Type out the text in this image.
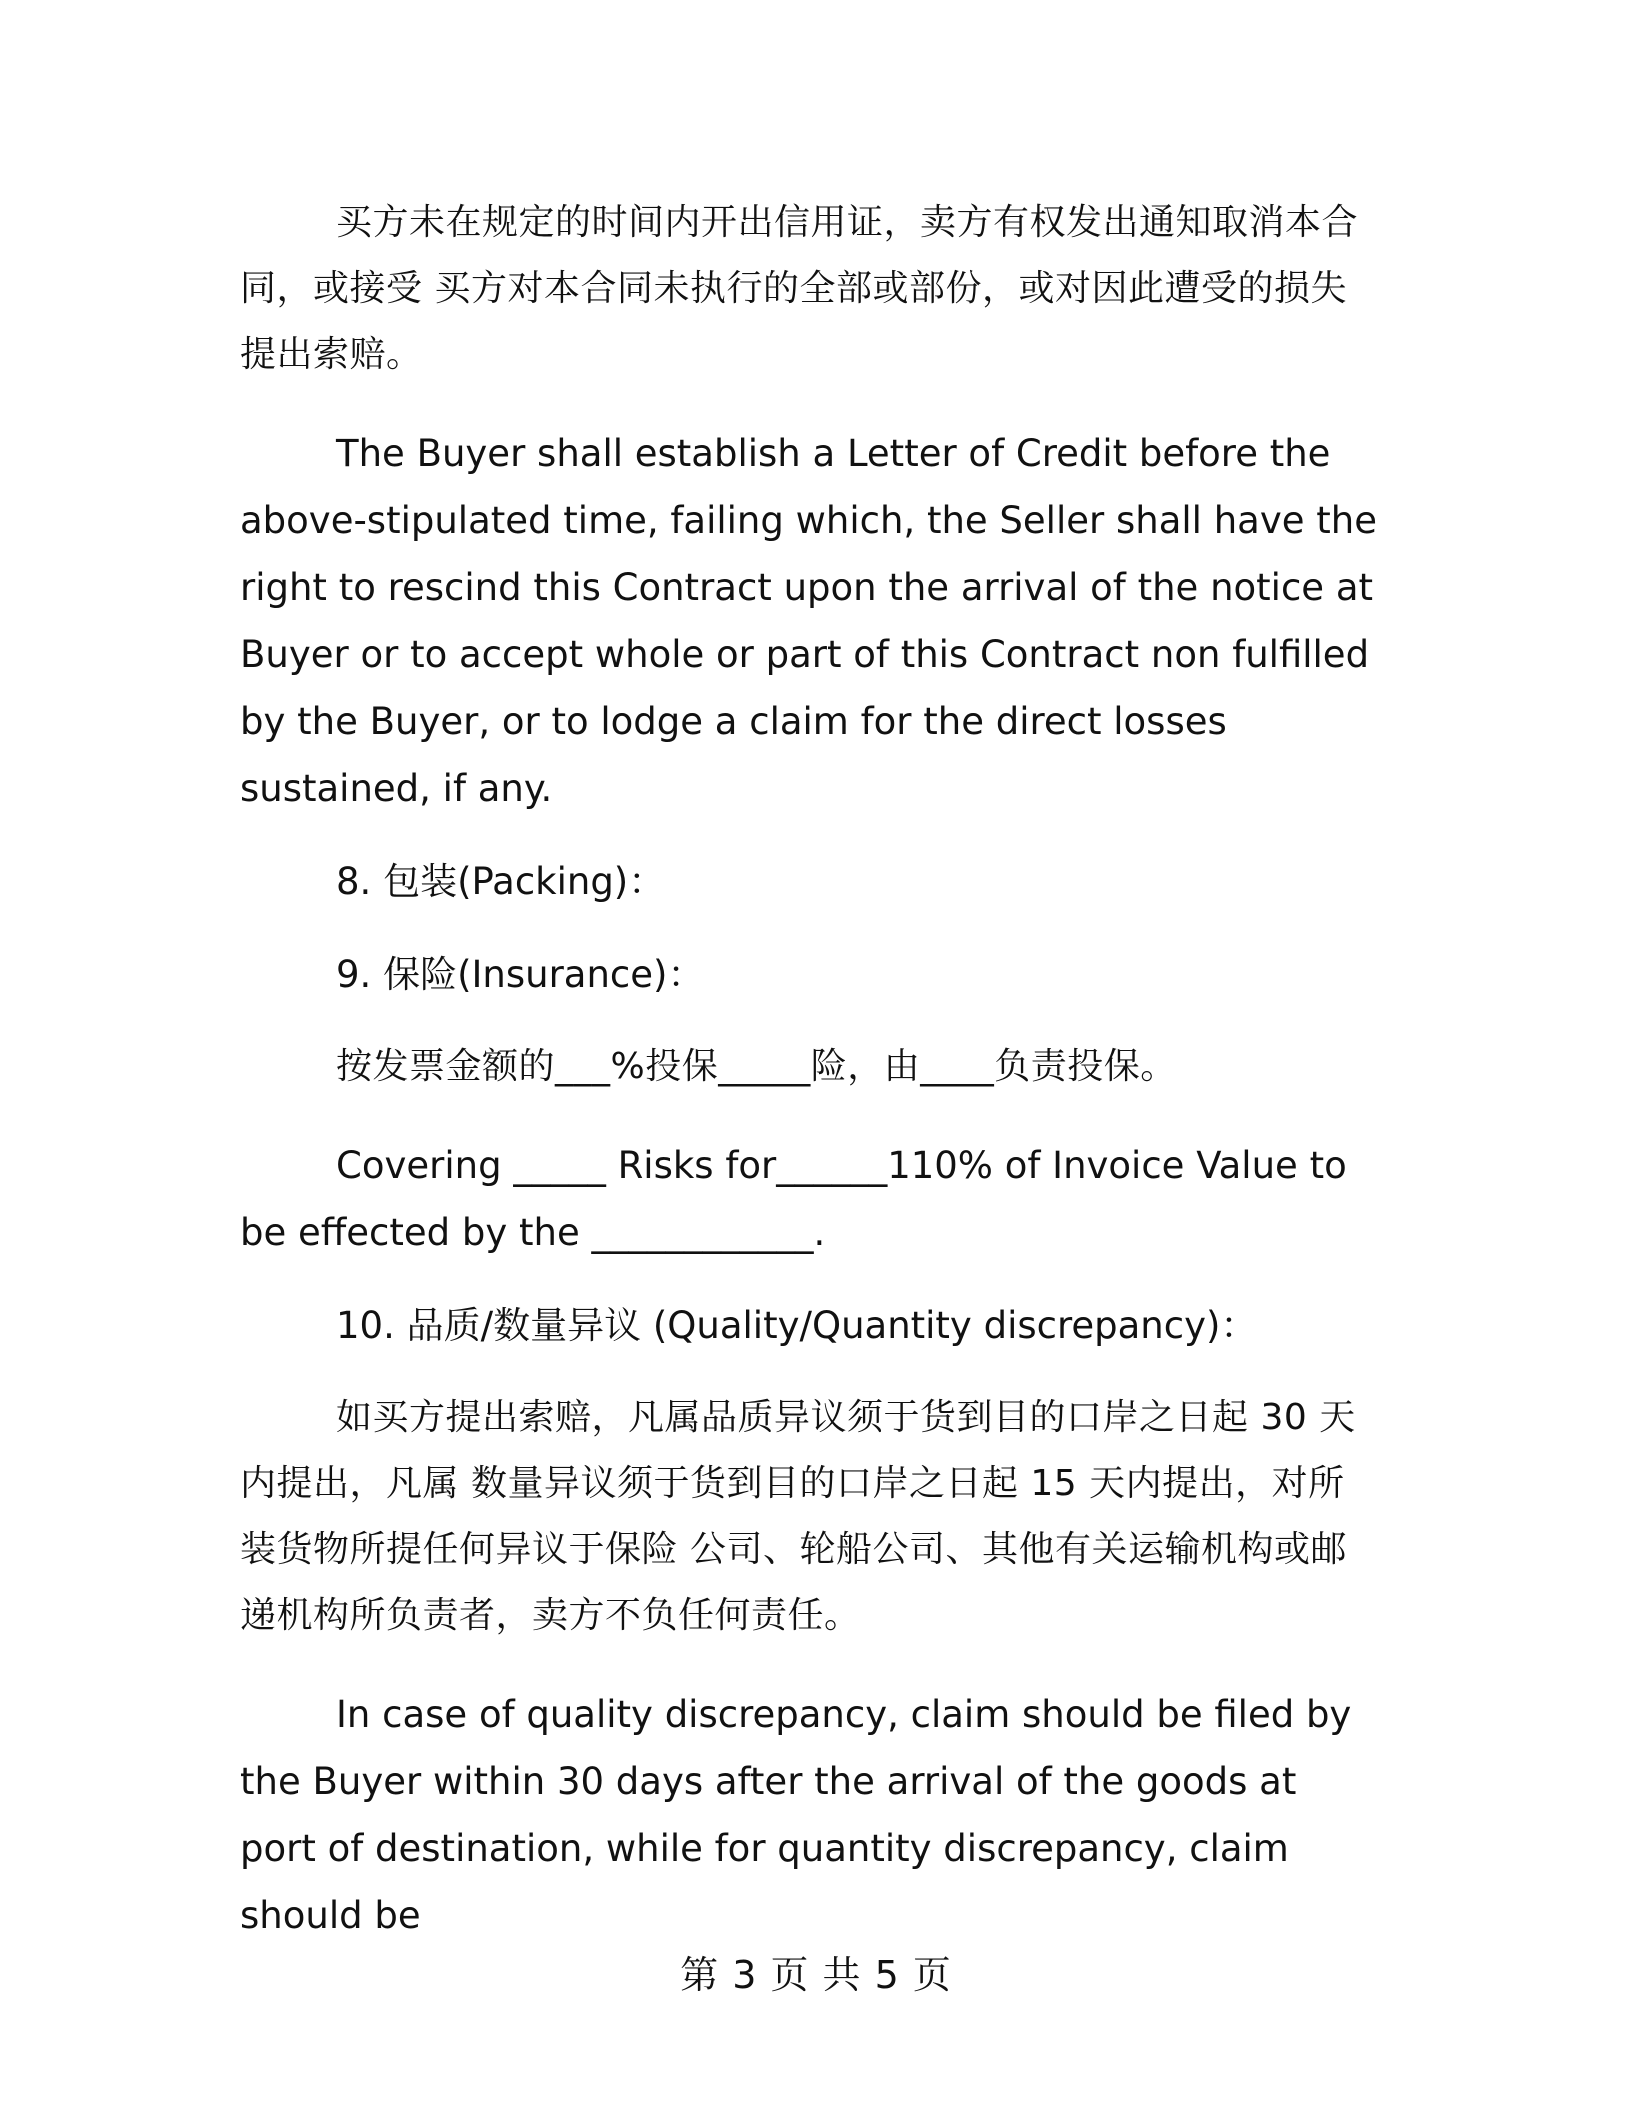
买方未在规定的时间内开出信用证，卖方有权发出通知取消本合同，或接受 买方对本合同未执行的全部或部份，或对因此遭受的损失提出索赔。

The Buyer shall establish a Letter of Credit before the above-stipulated time, failing which, the Seller shall have the right to rescind this Contract upon the arrival of the notice at Buyer or to accept whole or part of this Contract non fulfilled by the Buyer, or to lodge a claim for the direct losses sustained, if any.

8. 包装(Packing)：

9. 保险(Insurance)：

按发票金额的___%投保_____险，由____负责投保。

Covering _____ Risks for______110% of Invoice Value to be effected by the ____________.

10. 品质/数量异议 (Quality/Quantity discrepancy)：

如买方提出索赔，凡属品质异议须于货到目的口岸之日起 30 天内提出，凡属 数量异议须于货到目的口岸之日起 15 天内提出，对所装货物所提任何异议于保险 公司、轮船公司、其他有关运输机构或邮递机构所负责者，卖方不负任何责任。

In case of quality discrepancy, claim should be filed by the Buyer within 30 days after the arrival of the goods at port of destination, while for quantity discrepancy, claim should be

第 3 页 共 5 页
